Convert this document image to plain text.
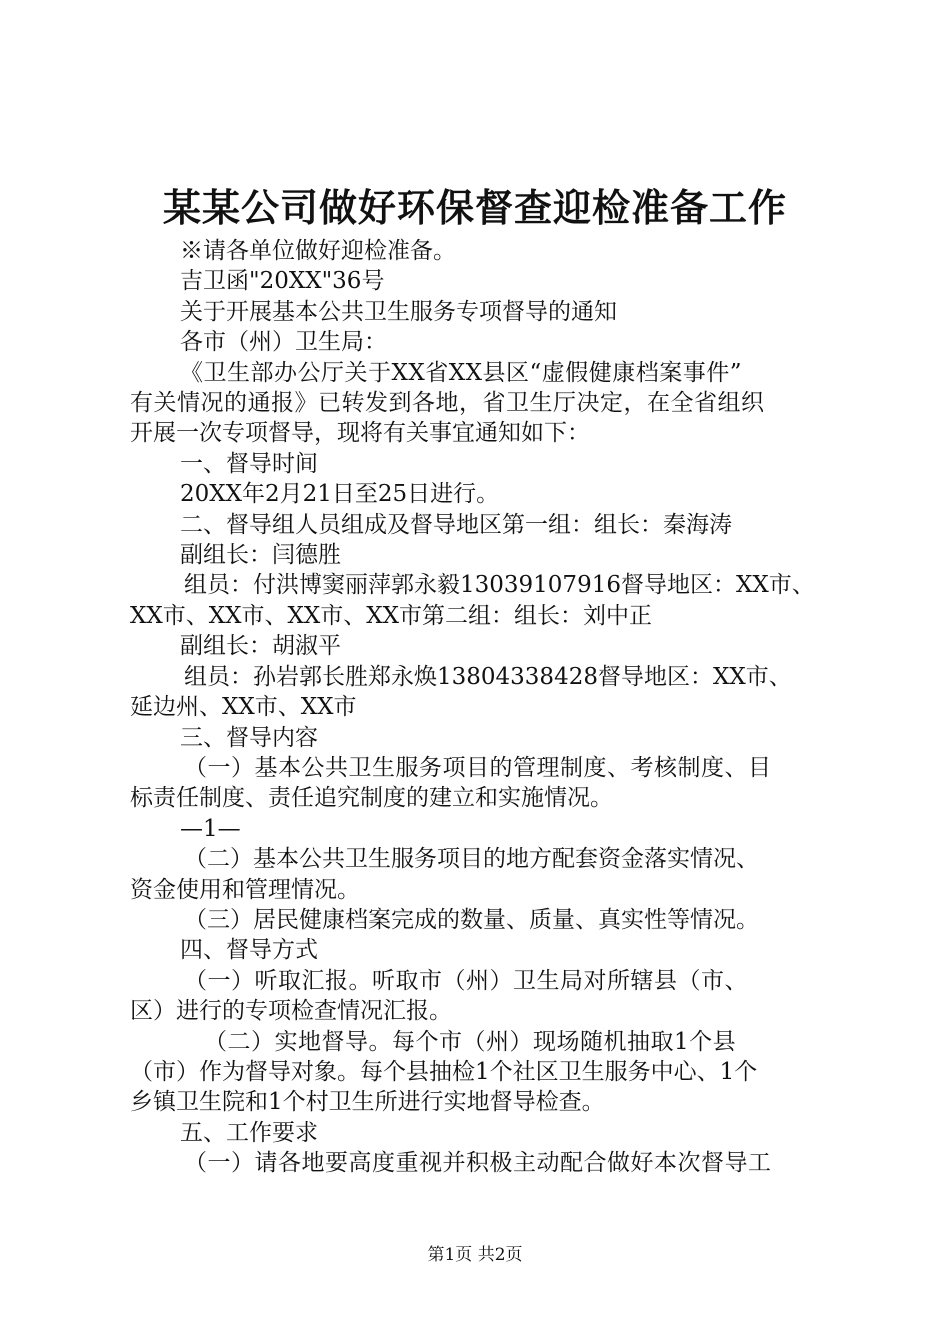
某某公司做好环保督查迎检准备工作

※请各单位做好迎检准备。

吉卫函"20XX"36号

关于开展基本公共卫生服务专项督导的通知

各市（州）卫生局：

《卫生部办公厅关于XX省XX县区“虚假健康档案事件”

有关情况的通报》已转发到各地，省卫生厅决定，在全省组织

开展一次专项督导，现将有关事宜通知如下：

一、督导时间

20XX年2月21日至25日进行。

二、督导组人员组成及督导地区第一组：组长：秦海涛

副组长：闫德胜

组员：付洪博窦丽萍郭永毅13039107916督导地区：XX市、

XX市、XX市、XX市、XX市第二组：组长：刘中正

副组长：胡淑平

组员：孙岩郭长胜郑永焕13804338428督导地区：XX市、

延边州、XX市、XX市

三、督导内容

（一）基本公共卫生服务项目的管理制度、考核制度、目

标责任制度、责任追究制度的建立和实施情况。

—1—

（二）基本公共卫生服务项目的地方配套资金落实情况、

资金使用和管理情况。

（三）居民健康档案完成的数量、质量、真实性等情况。

四、督导方式

（一）听取汇报。听取市（州）卫生局对所辖县（市、

区）进行的专项检查情况汇报。

（二）实地督导。每个市（州）现场随机抽取1个县

（市）作为督导对象。每个县抽检1个社区卫生服务中心、1个

乡镇卫生院和1个村卫生所进行实地督导检查。

五、工作要求

（一）请各地要高度重视并积极主动配合做好本次督导工

第1页 共2页
